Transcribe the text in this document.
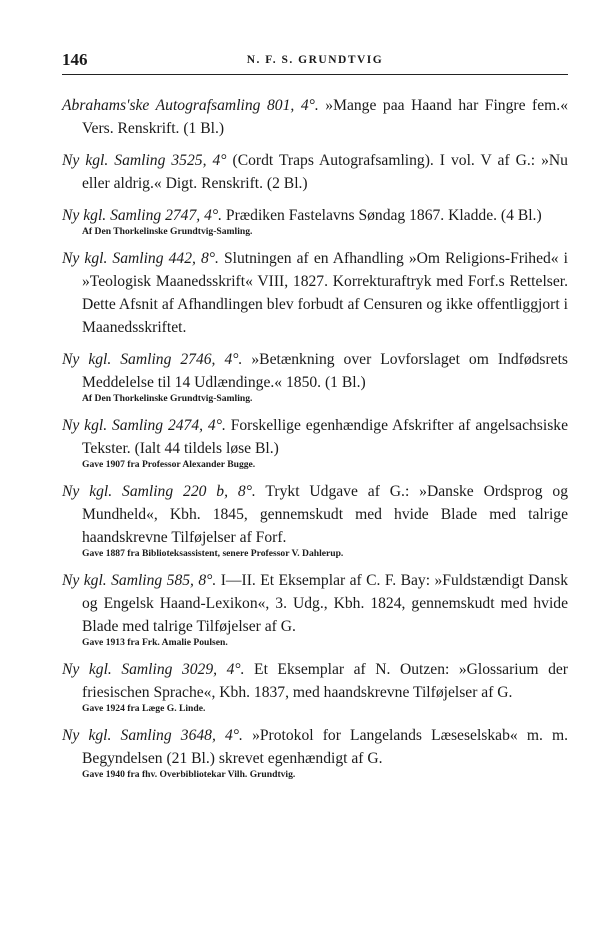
146	N. F. S. GRUNDTVIG
Abrahams'ske Autografsamling 801, 4°. »Mange paa Haand har Fingre fem.« Vers. Renskrift. (1 Bl.)
Ny kgl. Samling 3525, 4° (Cordt Traps Autografsamling). I vol. V af G.: »Nu eller aldrig.« Digt. Renskrift. (2 Bl.)
Ny kgl. Samling 2747, 4°. Prædiken Fastelavns Søndag 1867. Kladde. (4 Bl.)
Af Den Thorkelinske Grundtvig-Samling.
Ny kgl. Samling 442, 8°. Slutningen af en Afhandling »Om Religions-Frihed« i »Teologisk Maanedsskrift« VIII, 1827. Korrekturaftryk med Forf.s Rettelser. Dette Afsnit af Afhandlingen blev forbudt af Censuren og ikke offentliggjort i Maanedsskriftet.
Ny kgl. Samling 2746, 4°. »Betænkning over Lovforslaget om Indfødsrets Meddelelse til 14 Udlændinge.« 1850. (1 Bl.)
Af Den Thorkelinske Grundtvig-Samling.
Ny kgl. Samling 2474, 4°. Forskellige egenhændige Afskrifter af angelsachsiske Tekster. (Ialt 44 tildels løse Bl.)
Gave 1907 fra Professor Alexander Bugge.
Ny kgl. Samling 220 b, 8°. Trykt Udgave af G.: »Danske Ordsprog og Mundheld«, Kbh. 1845, gennemskudt med hvide Blade med talrige haandskrevne Tilføjelser af Forf.
Gave 1887 fra Biblioteksassistent, senere Professor V. Dahlerup.
Ny kgl. Samling 585, 8°. I—II. Et Eksemplar af C. F. Bay: »Fuldstændigt Dansk og Engelsk Haand-Lexikon«, 3. Udg., Kbh. 1824, gennemskudt med hvide Blade med talrige Tilføjelser af G.
Gave 1913 fra Frk. Amalie Poulsen.
Ny kgl. Samling 3029, 4°. Et Eksemplar af N. Outzen: »Glossarium der friesischen Sprache«, Kbh. 1837, med haandskrevne Tilføjelser af G.
Gave 1924 fra Læge G. Linde.
Ny kgl. Samling 3648, 4°. »Protokol for Langelands Læseselskab« m. m. Begyndelsen (21 Bl.) skrevet egenhændigt af G.
Gave 1940 fra fhv. Overbibliotekar Vilh. Grundtvig.
